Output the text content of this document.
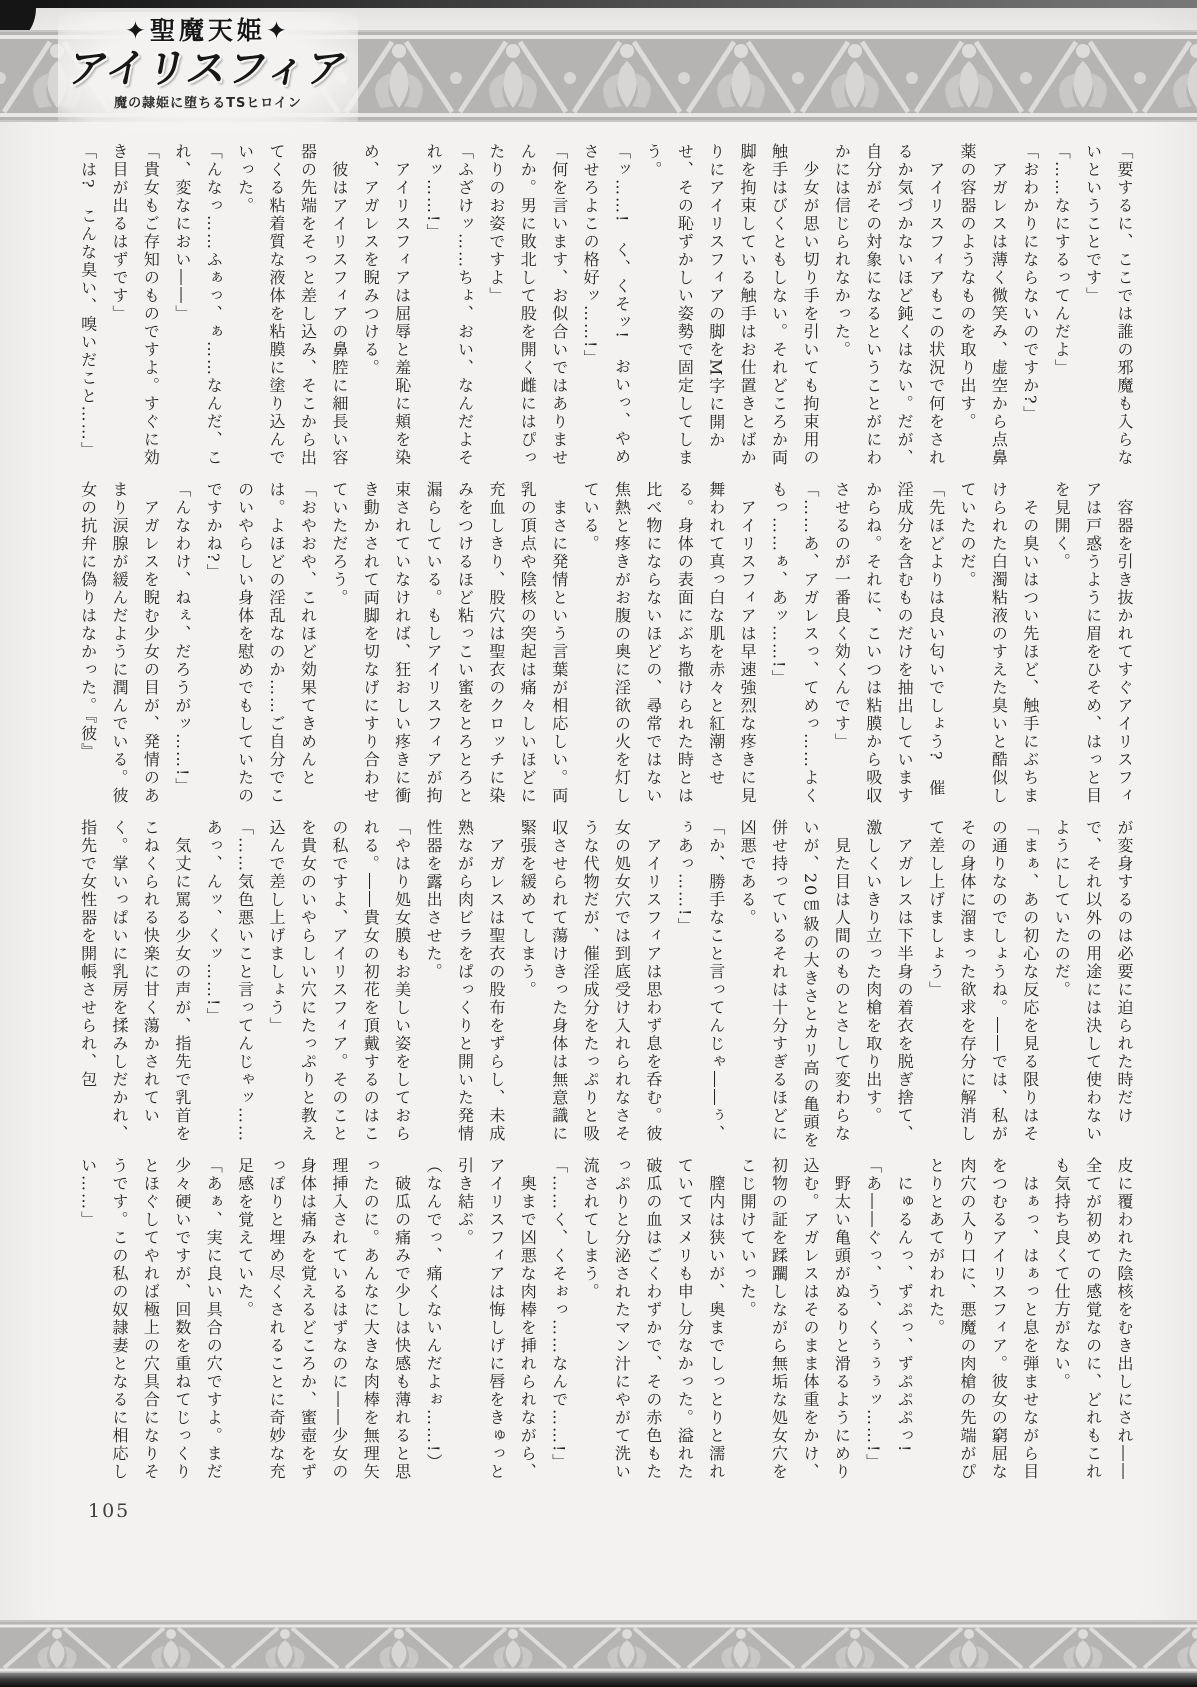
✦聖魔天姫✦
アイリスフィア
魔の隷姫に堕ちるTSヒロイン

「要するに、ここでは誰の邪魔も入らないということです」

「……なにするってんだよ」

「おわかりにならないのですか?」

　アガレスは薄く微笑み、虚空から点鼻薬の容器のようなものを取り出す。

　アイリスフィアもこの状況で何をされるか気づかないほど鈍くはない。だが、自分がその対象になるということがにわかには信じられなかった。

　少女が思い切り手を引いても拘束用の触手はびくともしない。それどころか両脚を拘束している触手はお仕置きとばかりにアイリスフィアの脚をM字に開かせ、その恥ずかしい姿勢で固定してしまう。

「ッ……!　く、くそッ!　おいっ、やめさせろよこの格好ッ……!」

「何を言います、お似合いではありませんか。男に敗北して股を開く雌にはぴったりのお姿ですよ」

「ふざけッ……ちょ、おい、なんだよそれッ……!」

　アイリスフィアは屈辱と羞恥に頬を染め、アガレスを睨みつける。

　彼はアイリスフィアの鼻腔に細長い容器の先端をそっと差し込み、そこから出てくる粘着質な液体を粘膜に塗り込んでいった。

「んなっ……ふぁっ、ぁ……なんだ、これ、変なにおい――」

「貴女もご存知のものですよ。すぐに効き目が出るはずです」

「は?　こんな臭い、嗅いだこと……」

　容器を引き抜かれてすぐアイリスフィアは戸惑うように眉をひそめ、はっと目を見開く。

　その臭いはつい先ほど、触手にぶちまけられた白濁粘液のすえた臭いと酷似していたのだ。

「先ほどよりは良い匂いでしょう?　催淫成分を含むものだけを抽出していますからね。それに、こいつは粘膜から吸収させるのが一番良く効くんです」

「……あ、アガレスっ、てめっ……よくもっ……ぁ、あッ……!」

　アイリスフィアは早速強烈な疼きに見舞われて真っ白な肌を赤々と紅潮させる。身体の表面にぶち撒けられた時とは比べ物にならないほどの、尋常ではない焦熱と疼きがお腹の奥に淫欲の火を灯している。

　まさに発情という言葉が相応しい。両乳の頂点や陰核の突起は痛々しいほどに充血しきり、股穴は聖衣のクロッチに染みをつけるほど粘っこい蜜をとろとろと漏らしている。もしアイリスフィアが拘束されていなければ、狂おしい疼きに衝き動かされて両脚を切なげにすり合わせていただろう。

「おやおや、これほど効果てきめんとは。よほどの淫乱なのか……ご自分でこのいやらしい身体を慰めでもしていたのですかね?」

「んなわけ、ねぇ、だろうがッ……!」

　アガレスを睨む少女の目が、発情のあまり涙腺が緩んだように潤んでいる。彼女の抗弁に偽りはなかった。『彼』

が変身するのは必要に迫られた時だけで、それ以外の用途には決して使わないようにしていたのだ。

「まぁ、あの初心な反応を見る限りはその通りなのでしょうね。――では、私がその身体に溜まった欲求を存分に解消して差し上げましょう」

　アガレスは下半身の着衣を脱ぎ捨て、激しくいきり立った肉槍を取り出す。

　見た目は人間のものとさして変わらないが、20㎝級の大きさとカリ高の亀頭を併せ持っているそれは十分すぎるほどに凶悪である。

「か、勝手なこと言ってんじゃ――ぅ、ぅあっ……!」

　アイリスフィアは思わず息を呑む。彼女の処女穴では到底受け入れられなさそうな代物だが、催淫成分をたっぷりと吸収させられて蕩けきった身体は無意識に緊張を緩めてしまう。

　アガレスは聖衣の股布をずらし、未成熟ながら肉ビラをぱっくりと開いた発情性器を露出させた。

「やはり処女膜もお美しい姿をしておられる。――貴女の初花を頂戴するのはこの私ですよ、アイリスフィア。そのことを貴女のいやらしい穴にたっぷりと教え込んで差し上げましょう」

「……気色悪いこと言ってんじゃッ……あっ、んッ、くッ……!」

　気丈に罵る少女の声が、指先で乳首をこねくられる快楽に甘く蕩かされていく。掌いっぱいに乳房を揉みしだかれ、指先で女性器を開帳させられ、包

皮に覆われた陰核をむき出しにされ――全てが初めての感覚なのに、どれもこれも気持ち良くて仕方がない。

　はぁっ、はぁっと息を弾ませながら目をつむるアイリスフィア。彼女の窮屈な肉穴の入り口に、悪魔の肉槍の先端がぴとりとあてがわれた。

　にゅるんっ、ずぷっ、ずぷぷぷっ!

「あ――ぐっ、う、くぅぅぅッ……!」

　野太い亀頭がぬるりと滑るようにめり込む。アガレスはそのまま体重をかけ、初物の証を蹂躙しながら無垢な処女穴をこじ開けていった。

　膣内は狭いが、奥までしっとりと濡れていてヌメリも申し分なかった。溢れた破瓜の血はごくわずかで、その赤色もたっぷりと分泌されたマン汁にやがて洗い流されてしまう。

「……く、くそぉっ……なんで……!」

　奥まで凶悪な肉棒を挿れられながら、アイリスフィアは悔しげに唇をきゅっと引き結ぶ。

（なんでっ、痛くないんだよぉ……!）

　破瓜の痛みで少しは快感も薄れると思ったのに。あんなに大きな肉棒を無理矢理挿入されているはずなのに――少女の身体は痛みを覚えるどころか、蜜壺をずっぽりと埋め尽くされることに奇妙な充足感を覚えていた。

「あぁ、実に良い具合の穴ですよ。まだ少々硬いですが、回数を重ねてじっくりとほぐしてやれば極上の穴具合になりそうです。この私の奴隷妻となるに相応しい……」

105
